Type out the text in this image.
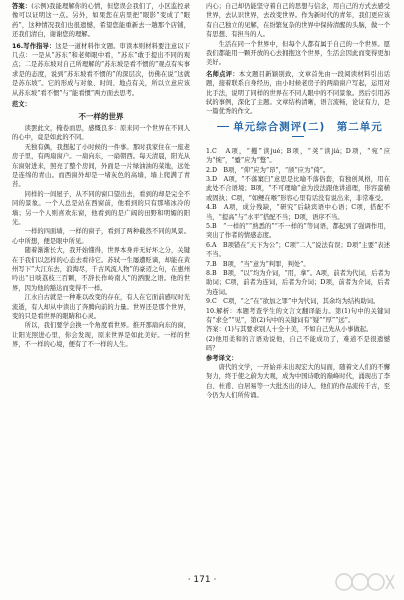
答案：(示例)我能理解你的心情，但您误会我们了，小区监控录像可以证明这一点。另外，如果您在店里把“眼影”变成了“眼药”，这种情况我们也很遗憾，希望您能重新去一趟那个店铺，还我们清白，谢谢您的理解。

16.写作指导：这是一道材料作文题。审读本则材料要注意以下几点：一是从“苏东”和老师眼中看，“苏东”敢于提出不同的观点；二是苏东坡对自己所理解的“苏东坡是看不惯的”观点有实事求是的态度，说到“苏东坡看不惯的”的深层次，仿佛在说“这就是苏东坡”。它的形成与对象、时间、地点有关，所以立意应该从苏东坡“看不惯”与“能看惯”两方面去思考。

范文：

不一样的世界

读罢此文，掩卷而思，感慨良多：原来同一个世界在不同人的心中，竟是如此的不同。

无独有偶，我想起了小时候的一件事。那时我家住在一座老房子里，有两扇窗户。一扇向东，一扇朝西。每天清晨，阳光从东窗射进来，照亮了整个房间，外面是一片绿油油的菜地，远处是连绵的青山。而西窗外却是一堵灰色的高墙，墙上爬满了青苔。

同样的一间屋子，从不同的窗口望出去，看到的却是完全不同的景象。一个人总是站在西窗前，他看到的只有那堵冰冷的墙；另一个人则喜欢东窗，他看到的是广阔的田野和明媚的阳光。

一样的四面墙，一样的窗子，看到了两种截然不同的风景。心中所想，便是眼中所见。

随着渐渐长大，我开始懂得，世界本身并无好坏之分，关键在于我们以怎样的心态去看待它。苏轼一生屡遭贬谪，却能在黄州写下“大江东去，浪淘尽，千古风流人物”的豪迈之句，在惠州吟出“日啖荔枝三百颗，不辞长作岭南人”的洒脱之语。他的世界，因为他的豁达而变得不一样。

江水自古就是一种难以改变的存在，有人在它面前感叹时光流逝，有人却从中读出了奔腾向前的力量。世界还是那个世界，变的只是看世界的眼睛和心灵。

所以，我们要学会换一个角度看世界。推开那扇向东的窗，让阳光照进心里，你会发现，原来世界是如此美好。一样的世界，不一样的心境，便有了不一样的人生。

内心；自己却仍能坚守着自己的思想与信念，用自己的方式去感受世界，去认识世界，去改变世界。作为新时代的青年，我们更应该有自己独立的见解，在纷繁复杂的世界中保持清醒的头脑，做一个有思想、有担当的人。

生活在同一个世界中，但每个人都有属于自己的一个世界。愿我们都能用一颗开放的心去拥抱这个世界，生活会因此而变得更加美好。

名师点评：本文题目新颖别致，文章首先由一段阅读材料引出话题，接着联系自身经历，由小时候老房子的两扇窗户写起，运用对比手法，说明了同样的世界在不同人眼中的不同景象。然后引用苏轼的事例，深化了主题。文章结构清晰，语言流畅，论证有力，是一篇优秀的作文。

单元综合测评(二)　第二单元

1.C　A项，“攫”读jué；B项，“荚”读jiá；D项，“宛”应为“惋”，“蹙”应为“蹩”。

2.D　B项，“仰”应为“昂”，“颀”应为“倚”。

3.D　A项，“不落窠臼”意思是比喻不落俗套，有独创风格，用在此处不合语境；B项，“不可理喻”意为没法跟他讲道理，形容蛮横或固执；C项，“如鲠在喉”形容心里有话没有说出来，非常难受。

4.B　A项，成分残缺，“研究”后缺宾语中心语；C项，搭配不当，“提高”与“水平”搭配不当；D项，语序不当。

5.B　“一样的”“熟悉的”“不一样的”等词语，都起到了强调作用，突出了作者的情感态度。

6.A　B项错在“天下为公”；C项“二人”说法有误；D项“主要”表述不当。

7.B　B项，“当”意为“判罪，判处”。

8.B　B项，“以”均为介词，“用，拿”。A项，前者为代词，后者为助词；C项，前者为连词，后者为介词；D项，前者为介词，后者为连词。

9.C　C项，“之”在“欲加之罪”中为代词，其余均为结构助词。

10.解析：本题考查学生的文言文翻译能力。第(1)句中的关键词有“求全”“见”，第(2)句中的关键词有“疑”“厚”“远”。

答案：(1)与其要求别人十全十美，不如自己先从小事做起。

(2)他用柔和的言语劝说他，自己不能成功了，难道不是很遗憾吗？

参考译文：

唐代的文学，一开始并未出现宏大的局面，随着文人们的不懈努力，终于使之蔚为大观，成为中国诗歌的巅峰时代，涌现出了李白、杜甫、白居易等一大批杰出的诗人，他们的作品流传千古，至今仍为人们所传诵。

· 171 ·
